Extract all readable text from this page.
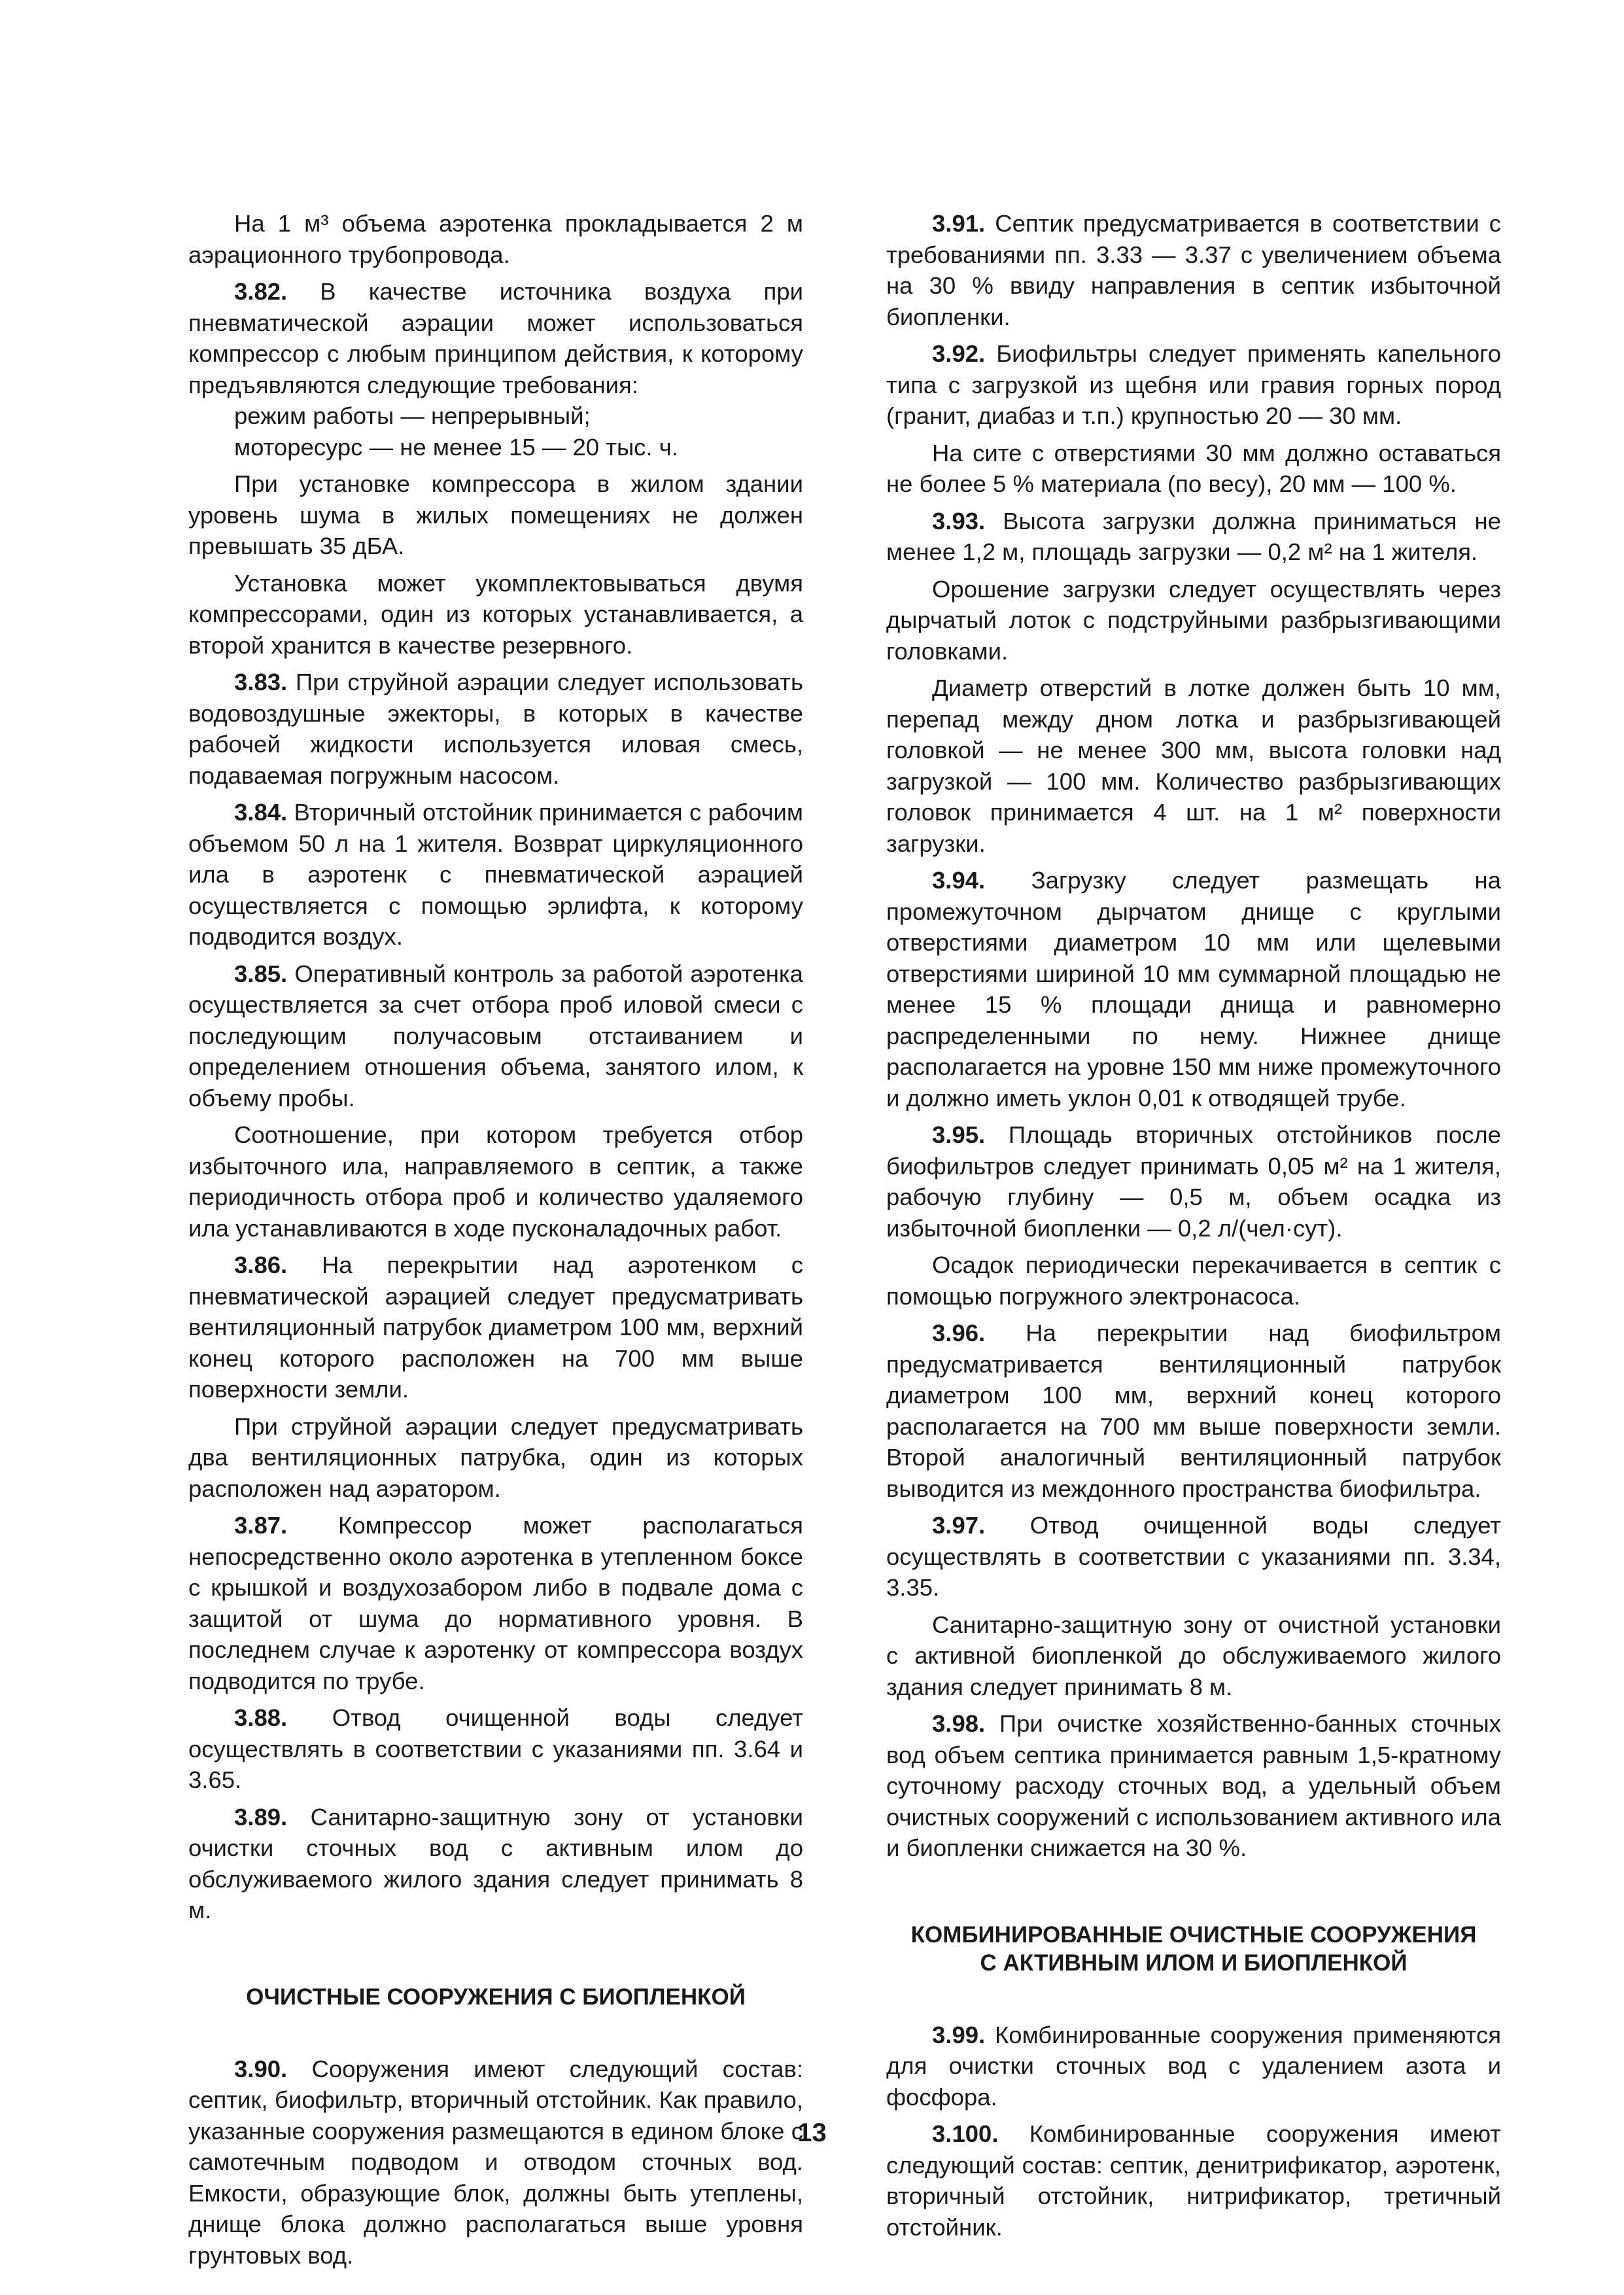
На 1 м³ объема аэротенка прокладывается 2 м аэрационного трубопровода.

3.82. В качестве источника воздуха при пневматической аэрации может использоваться компрессор с любым принципом действия, к которому предъявляются следующие требования:

режим работы — непрерывный;

моторесурс — не менее 15 — 20 тыс. ч.

При установке компрессора в жилом здании уровень шума в жилых помещениях не должен превышать 35 дБА.

Установка может укомплектовываться двумя компрессорами, один из которых устанавливается, а второй хранится в качестве резервного.

3.83. При струйной аэрации следует использовать водовоздушные эжекторы, в которых в качестве рабочей жидкости используется иловая смесь, подаваемая погружным насосом.

3.84. Вторичный отстойник принимается с рабочим объемом 50 л на 1 жителя. Возврат циркуляционного ила в аэротенк с пневматической аэрацией осуществляется с помощью эрлифта, к которому подводится воздух.

3.85. Оперативный контроль за работой аэротенка осуществляется за счет отбора проб иловой смеси с последующим получасовым отстаиванием и определением отношения объема, занятого илом, к объему пробы.

Соотношение, при котором требуется отбор избыточного ила, направляемого в септик, а также периодичность отбора проб и количество удаляемого ила устанавливаются в ходе пусконаладочных работ.

3.86. На перекрытии над аэротенком с пневматической аэрацией следует предусматривать вентиляционный патрубок диаметром 100 мм, верхний конец которого расположен на 700 мм выше поверхности земли.

При струйной аэрации следует предусматривать два вентиляционных патрубка, один из которых расположен над аэратором.

3.87. Компрессор может располагаться непосредственно около аэротенка в утепленном боксе с крышкой и воздухозабором либо в подвале дома с защитой от шума до нормативного уровня. В последнем случае к аэротенку от компрессора воздух подводится по трубе.

3.88. Отвод очищенной воды следует осуществлять в соответствии с указаниями пп. 3.64 и 3.65.

3.89. Санитарно-защитную зону от установки очистки сточных вод с активным илом до обслуживаемого жилого здания следует принимать 8 м.

ОЧИСТНЫЕ СООРУЖЕНИЯ С БИОПЛЕНКОЙ

3.90. Сооружения имеют следующий состав: септик, биофильтр, вторичный отстойник. Как правило, указанные сооружения размещаются в едином блоке с самотечным подводом и отводом сточных вод. Емкости, образующие блок, должны быть утеплены, днище блока должно располагаться выше уровня грунтовых вод.

3.91. Септик предусматривается в соответствии с требованиями пп. 3.33 — 3.37 с увеличением объема на 30 % ввиду направления в септик избыточной биопленки.

3.92. Биофильтры следует применять капельного типа с загрузкой из щебня или гравия горных пород (гранит, диабаз и т.п.) крупностью 20 — 30 мм.

На сите с отверстиями 30 мм должно оставаться не более 5 % материала (по весу), 20 мм — 100 %.

3.93. Высота загрузки должна приниматься не менее 1,2 м, площадь загрузки — 0,2 м² на 1 жителя.

Орошение загрузки следует осуществлять через дырчатый лоток с подструйными разбрызгивающими головками.

Диаметр отверстий в лотке должен быть 10 мм, перепад между дном лотка и разбрызгивающей головкой — не менее 300 мм, высота головки над загрузкой — 100 мм. Количество разбрызгивающих головок принимается 4 шт. на 1 м² поверхности загрузки.

3.94. Загрузку следует размещать на промежуточном дырчатом днище с круглыми отверстиями диаметром 10 мм или щелевыми отверстиями шириной 10 мм суммарной площадью не менее 15 % площади днища и равномерно распределенными по нему. Нижнее днище располагается на уровне 150 мм ниже промежуточного и должно иметь уклон 0,01 к отводящей трубе.

3.95. Площадь вторичных отстойников после биофильтров следует принимать 0,05 м² на 1 жителя, рабочую глубину — 0,5 м, объем осадка из избыточной биопленки — 0,2 л/(чел·сут).

Осадок периодически перекачивается в септик с помощью погружного электронасоса.

3.96. На перекрытии над биофильтром предусматривается вентиляционный патрубок диаметром 100 мм, верхний конец которого располагается на 700 мм выше поверхности земли. Второй аналогичный вентиляционный патрубок выводится из междонного пространства биофильтра.

3.97. Отвод очищенной воды следует осуществлять в соответствии с указаниями пп. 3.34, 3.35.

Санитарно-защитную зону от очистной установки с активной биопленкой до обслуживаемого жилого здания следует принимать 8 м.

3.98. При очистке хозяйственно-банных сточных вод объем септика принимается равным 1,5-кратному суточному расходу сточных вод, а удельный объем очистных сооружений с использованием активного ила и биопленки снижается на 30 %.

КОМБИНИРОВАННЫЕ ОЧИСТНЫЕ СООРУЖЕНИЯ
С АКТИВНЫМ ИЛОМ И БИОПЛЕНКОЙ

3.99. Комбинированные сооружения применяются для очистки сточных вод с удалением азота и фосфора.

3.100. Комбинированные сооружения имеют следующий состав: септик, денитрификатор, аэротенк, вторичный отстойник, нитрификатор, третичный отстойник.

13
